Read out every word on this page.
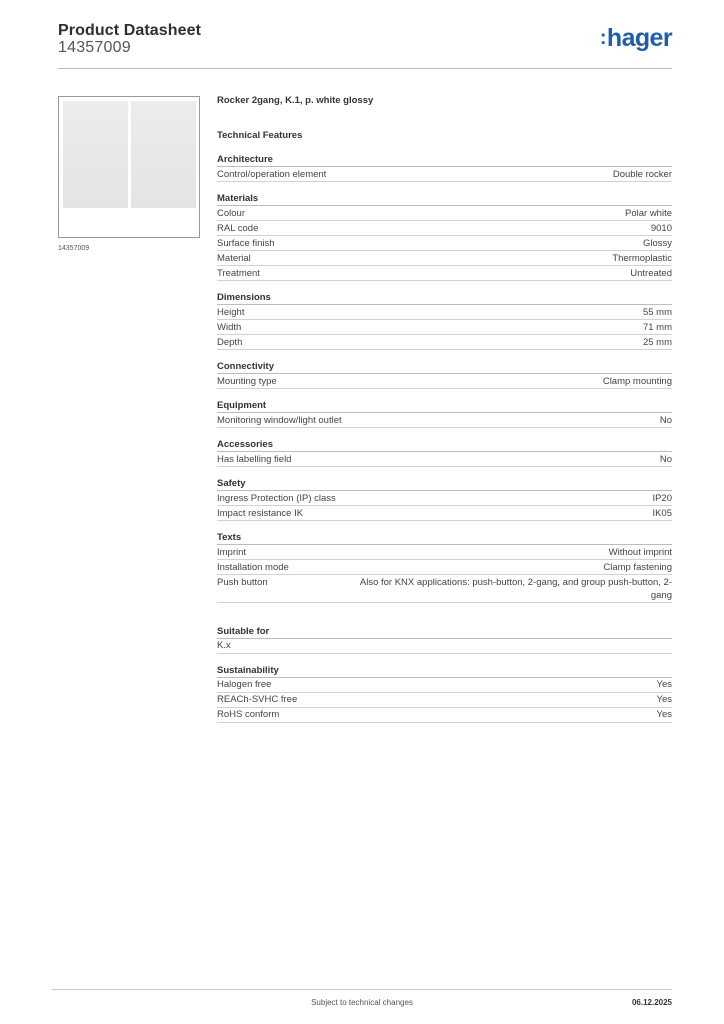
Product Datasheet
14357009	:hager
14357009
Rocker 2gang, K.1, p. white glossy
Technical Features
Architecture
Control/operation element	Double rocker
Materials
Colour	Polar white
RAL code	9010
Surface finish	Glossy
Material	Thermoplastic
Treatment	Untreated
Dimensions
Height	55 mm
Width	71 mm
Depth	25 mm
Connectivity
Mounting type	Clamp mounting
Equipment
Monitoring window/light outlet	No
Accessories
Has labelling field	No
Safety
Ingress Protection (IP) class	IP20
Impact resistance IK	IK05
Texts
Imprint	Without imprint
Installation mode	Clamp fastening
Push button	Also for KNX applications: push-button, 2-gang, and group push-button, 2-gang
Suitable for
K.x
Sustainability
Halogen free	Yes
REACh-SVHC free	Yes
RoHS conform	Yes
Subject to technical changes	06.12.2025
